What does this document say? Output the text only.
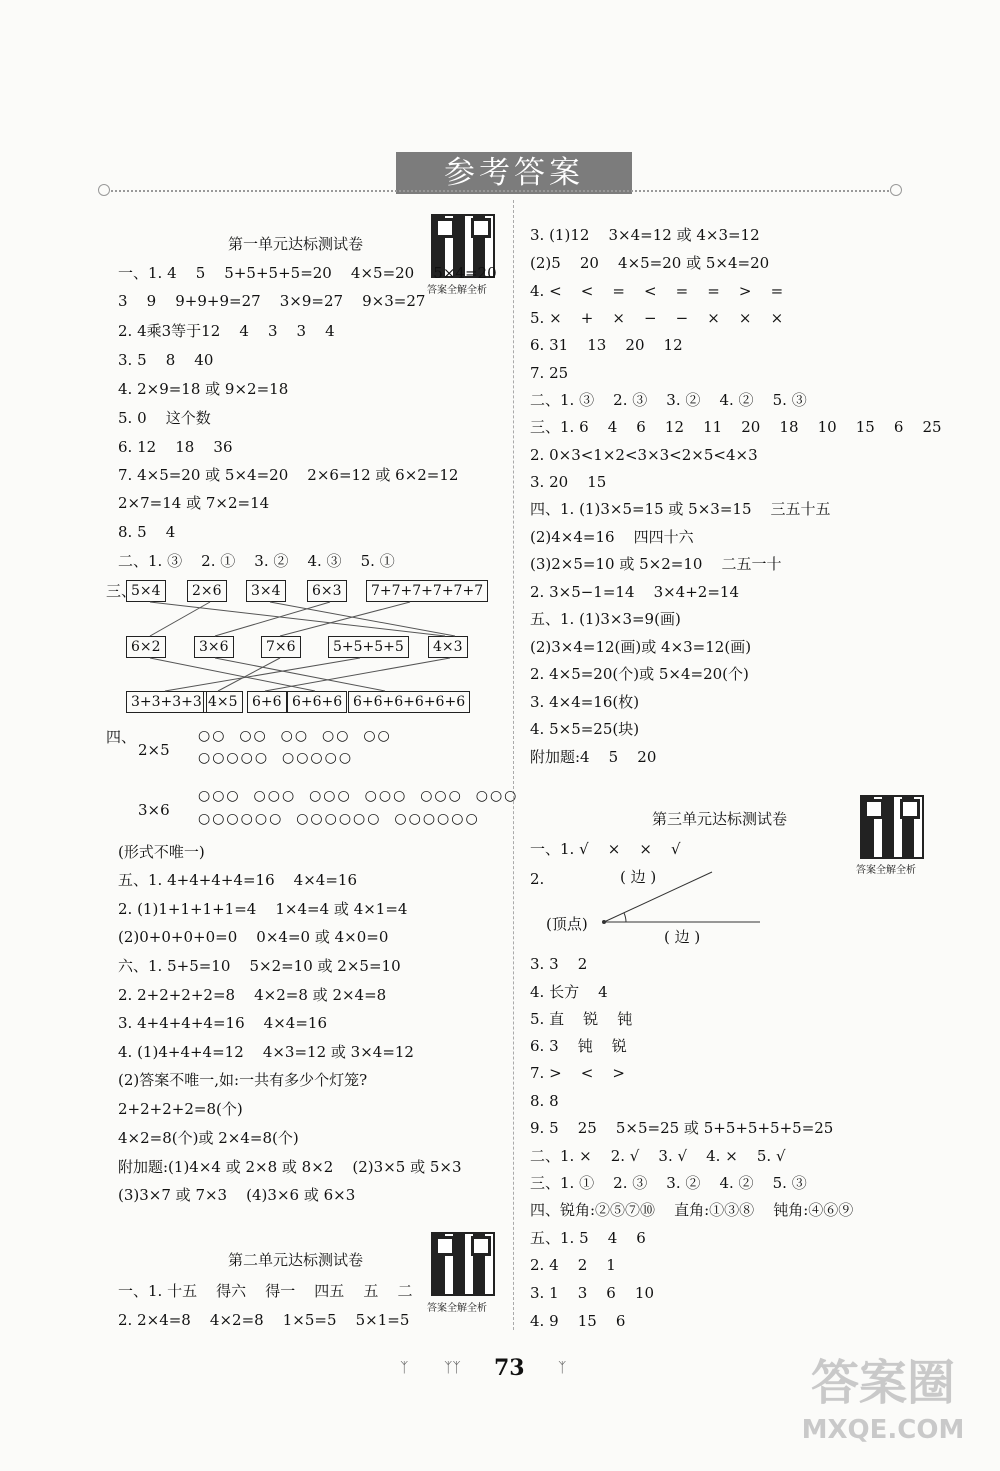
参考答案
第一单元达标测试卷
答案全解全析
一、1. 4    5    5+5+5+5=20    4×5=20    5×4=20
3    9    9+9+9=27    3×9=27    9×3=27
2. 4乘3等于12    4    3    3    4
3. 5    8    40
4. 2×9=18 或 9×2=18
5. 0    这个数
6. 12    18    36
7. 4×5=20 或 5×4=20    2×6=12 或 6×2=12
2×7=14 或 7×2=14
8. 5    4
二、1. ③    2. ①    3. ②    4. ③    5. ①
三、
5×4	2×6	3×4	6×3	7+7+7+7+7+7
6×2	3×6	7×6	5+5+5+5	4×3
3+3+3+3 4×5	6+6 6+6+6 6+6+6+6+6+6
四、
2×5
○○  ○○  ○○  ○○  ○○
○○○○○  ○○○○○
3×6
○○○  ○○○  ○○○  ○○○  ○○○  ○○○
○○○○○○  ○○○○○○  ○○○○○○
(形式不唯一)
五、1. 4+4+4+4=16    4×4=16
2. (1)1+1+1+1=4    1×4=4 或 4×1=4
(2)0+0+0+0=0    0×4=0 或 4×0=0
六、1. 5+5=10    5×2=10 或 2×5=10
2. 2+2+2+2=8    4×2=8 或 2×4=8
3. 4+4+4+4=16    4×4=16
4. (1)4+4+4=12    4×3=12 或 3×4=12
(2)答案不唯一,如:一共有多少个灯笼?
2+2+2+2=8(个)
4×2=8(个)或 2×4=8(个)
附加题:(1)4×4 或 2×8 或 8×2    (2)3×5 或 5×3
(3)3×7 或 7×3    (4)3×6 或 6×3
第二单元达标测试卷
答案全解全析
一、1. 十五    得六    得一    四五    五    二
2. 2×4=8    4×2=8    1×5=5    5×1=5
3. (1)12    3×4=12 或 4×3=12
(2)5    20    4×5=20 或 5×4=20
4. <    <    =    <    =    =    >    =
5. ×    +    ×    −    −    ×    ×    ×
6. 31    13    20    12
7. 25
二、1. ③    2. ③    3. ②    4. ②    5. ③
三、1. 6    4    6    12    11    20    18    10    15    6    25
2. 0×3<1×2<3×3<2×5<4×3
3. 20    15
四、1. (1)3×5=15 或 5×3=15    三五十五
(2)4×4=16    四四十六
(3)2×5=10 或 5×2=10    二五一十
2. 3×5−1=14    3×4+2=14
五、1. (1)3×3=9(画)
(2)3×4=12(画)或 4×3=12(画)
2. 4×5=20(个)或 5×4=20(个)
3. 4×4=16(枚)
4. 5×5=25(块)
附加题:4    5    20
第三单元达标测试卷
答案全解全析
一、1. √    ×    ×    √
2.	( 边 )
(顶点)
( 边 )
3. 3    2
4. 长方    4
5. 直    锐    钝
6. 3    钝    锐
7. >    <    >
8. 8
9. 5    25    5×5=25 或 5+5+5+5+5=25
二、1. ×    2. √    3. √    4. ×    5. √
三、1. ①    2. ③    3. ②    4. ②    5. ③
四、锐角:②⑤⑦⑩    直角:①③⑧    钝角:④⑥⑨
五、1. 5    4    6
2. 4    2    1
3. 1    3    6    10
4. 9    15    6
ᛉ	ᛉᛉ	ᛉ
73	答案圈
MXQE.COM
